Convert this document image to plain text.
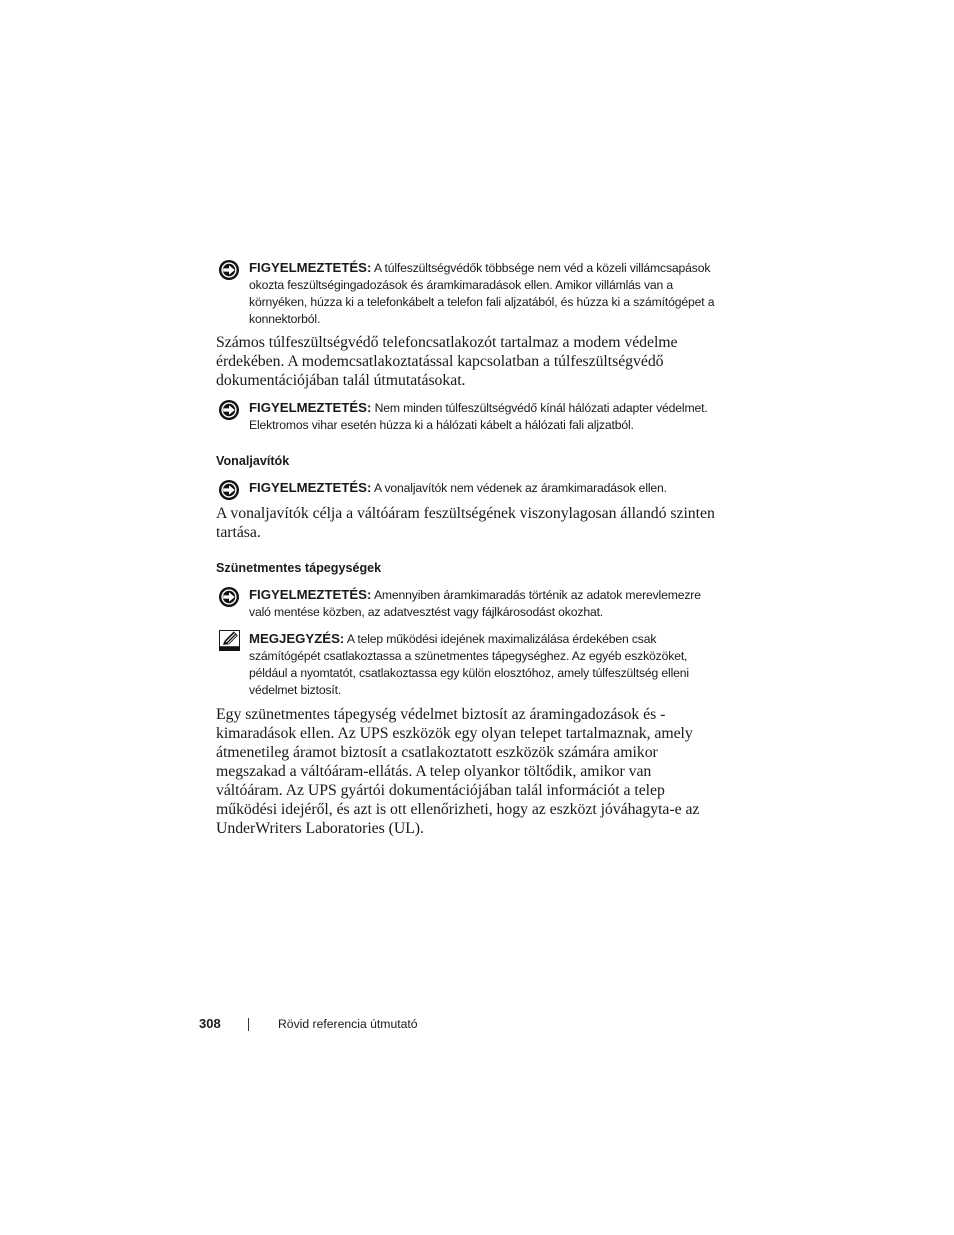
FIGYELMEZTETÉS: A túlfeszültségvédők többsége nem véd a közeli villámcsapások okozta feszültségingadozások és áramkimaradások ellen. Amikor villámlás van a környéken, húzza ki a telefonkábelt a telefon fali aljzatából, és húzza ki a számítógépet a konnektorból.
Számos túlfeszültségvédő telefoncsatlakozót tartalmaz a modem védelme érdekében. A modemcsatlakoztatással kapcsolatban a túlfeszültségvédő dokumentációjában talál útmutatásokat.
FIGYELMEZTETÉS: Nem minden túlfeszültségvédő kínál hálózati adapter védelmet. Elektromos vihar esetén húzza ki a hálózati kábelt a hálózati fali aljzatból.
Vonaljavítók
FIGYELMEZTETÉS: A vonaljavítók nem védenek az áramkimaradások ellen.
A vonaljavítók célja a váltóáram feszültségének viszonylagosan állandó szinten tartása.
Szünetmentes tápegységek
FIGYELMEZTETÉS: Amennyiben áramkimaradás történik az adatok merevlemezre való mentése közben, az adatvesztést vagy fájlkárosodást okozhat.
MEGJEGYZÉS: A telep működési idejének maximalizálása érdekében csak számítógépét csatlakoztassa a szünetmentes tápegységhez. Az egyéb eszközöket, például a nyomtatót, csatlakoztassa egy külön elosztóhoz, amely túlfeszültség elleni védelmet biztosít.
Egy szünetmentes tápegység védelmet biztosít az áramingadozások és -kimaradások ellen. Az UPS eszközök egy olyan telepet tartalmaznak, amely átmenetileg áramot biztosít a csatlakoztatott eszközök számára amikor megszakad a váltóáram-ellátás. A telep olyankor töltődik, amikor van váltóáram. Az UPS gyártói dokumentációjában talál információt a telep működési idejéről, és azt is ott ellenőrizheti, hogy az eszközt jóváhagyta-e az UnderWriters Laboratories (UL).
308	Rövid referencia útmutató
